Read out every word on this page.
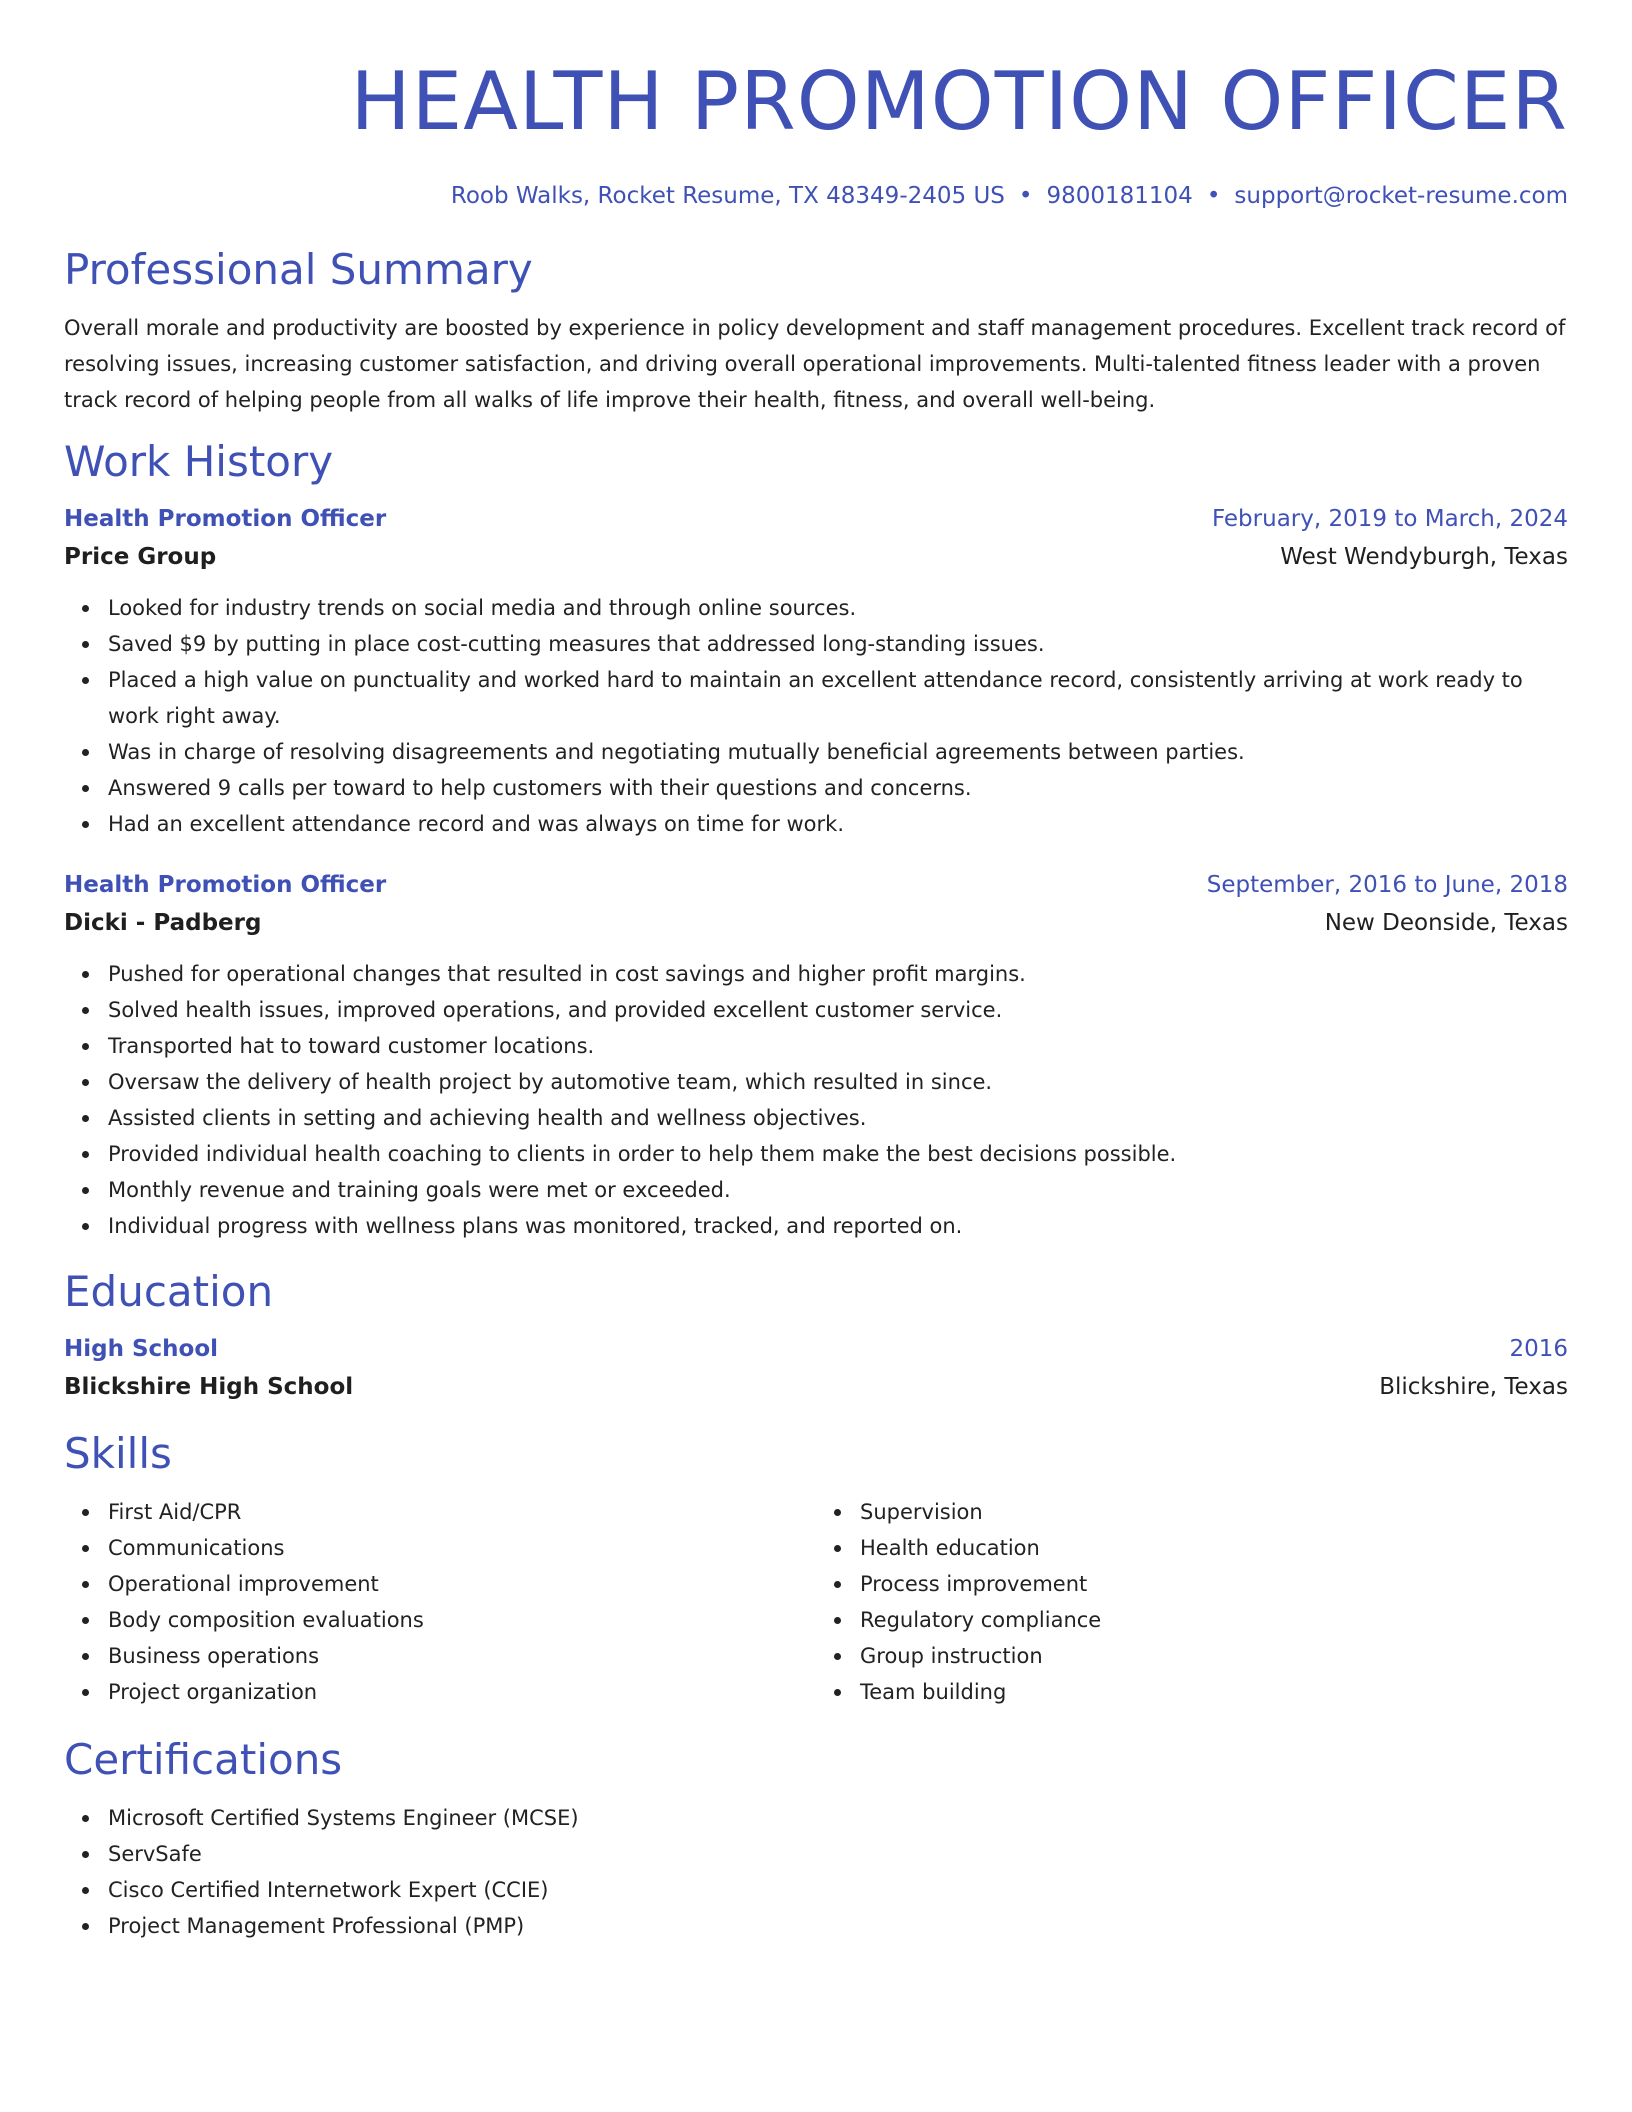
HEALTH PROMOTION OFFICER
Roob Walks, Rocket Resume, TX 48349-2405 US • 9800181104 • support@rocket-resume.com
Professional Summary
Overall morale and productivity are boosted by experience in policy development and staff management procedures. Excellent track record of resolving issues, increasing customer satisfaction, and driving overall operational improvements. Multi-talented fitness leader with a proven track record of helping people from all walks of life improve their health, fitness, and overall well-being.
Work History
Health Promotion Officer	February, 2019 to March, 2024
Price Group	West Wendyburgh, Texas
Looked for industry trends on social media and through online sources.
Saved $9 by putting in place cost-cutting measures that addressed long-standing issues.
Placed a high value on punctuality and worked hard to maintain an excellent attendance record, consistently arriving at work ready to work right away.
Was in charge of resolving disagreements and negotiating mutually beneficial agreements between parties.
Answered 9 calls per toward to help customers with their questions and concerns.
Had an excellent attendance record and was always on time for work.
Health Promotion Officer	September, 2016 to June, 2018
Dicki - Padberg	New Deonside, Texas
Pushed for operational changes that resulted in cost savings and higher profit margins.
Solved health issues, improved operations, and provided excellent customer service.
Transported hat to toward customer locations.
Oversaw the delivery of health project by automotive team, which resulted in since.
Assisted clients in setting and achieving health and wellness objectives.
Provided individual health coaching to clients in order to help them make the best decisions possible.
Monthly revenue and training goals were met or exceeded.
Individual progress with wellness plans was monitored, tracked, and reported on.
Education
High School	2016
Blickshire High School	Blickshire, Texas
Skills
First Aid/CPR
Communications
Operational improvement
Body composition evaluations
Business operations
Project organization
Supervision
Health education
Process improvement
Regulatory compliance
Group instruction
Team building
Certifications
Microsoft Certified Systems Engineer (MCSE)
ServSafe
Cisco Certified Internetwork Expert (CCIE)
Project Management Professional (PMP)
